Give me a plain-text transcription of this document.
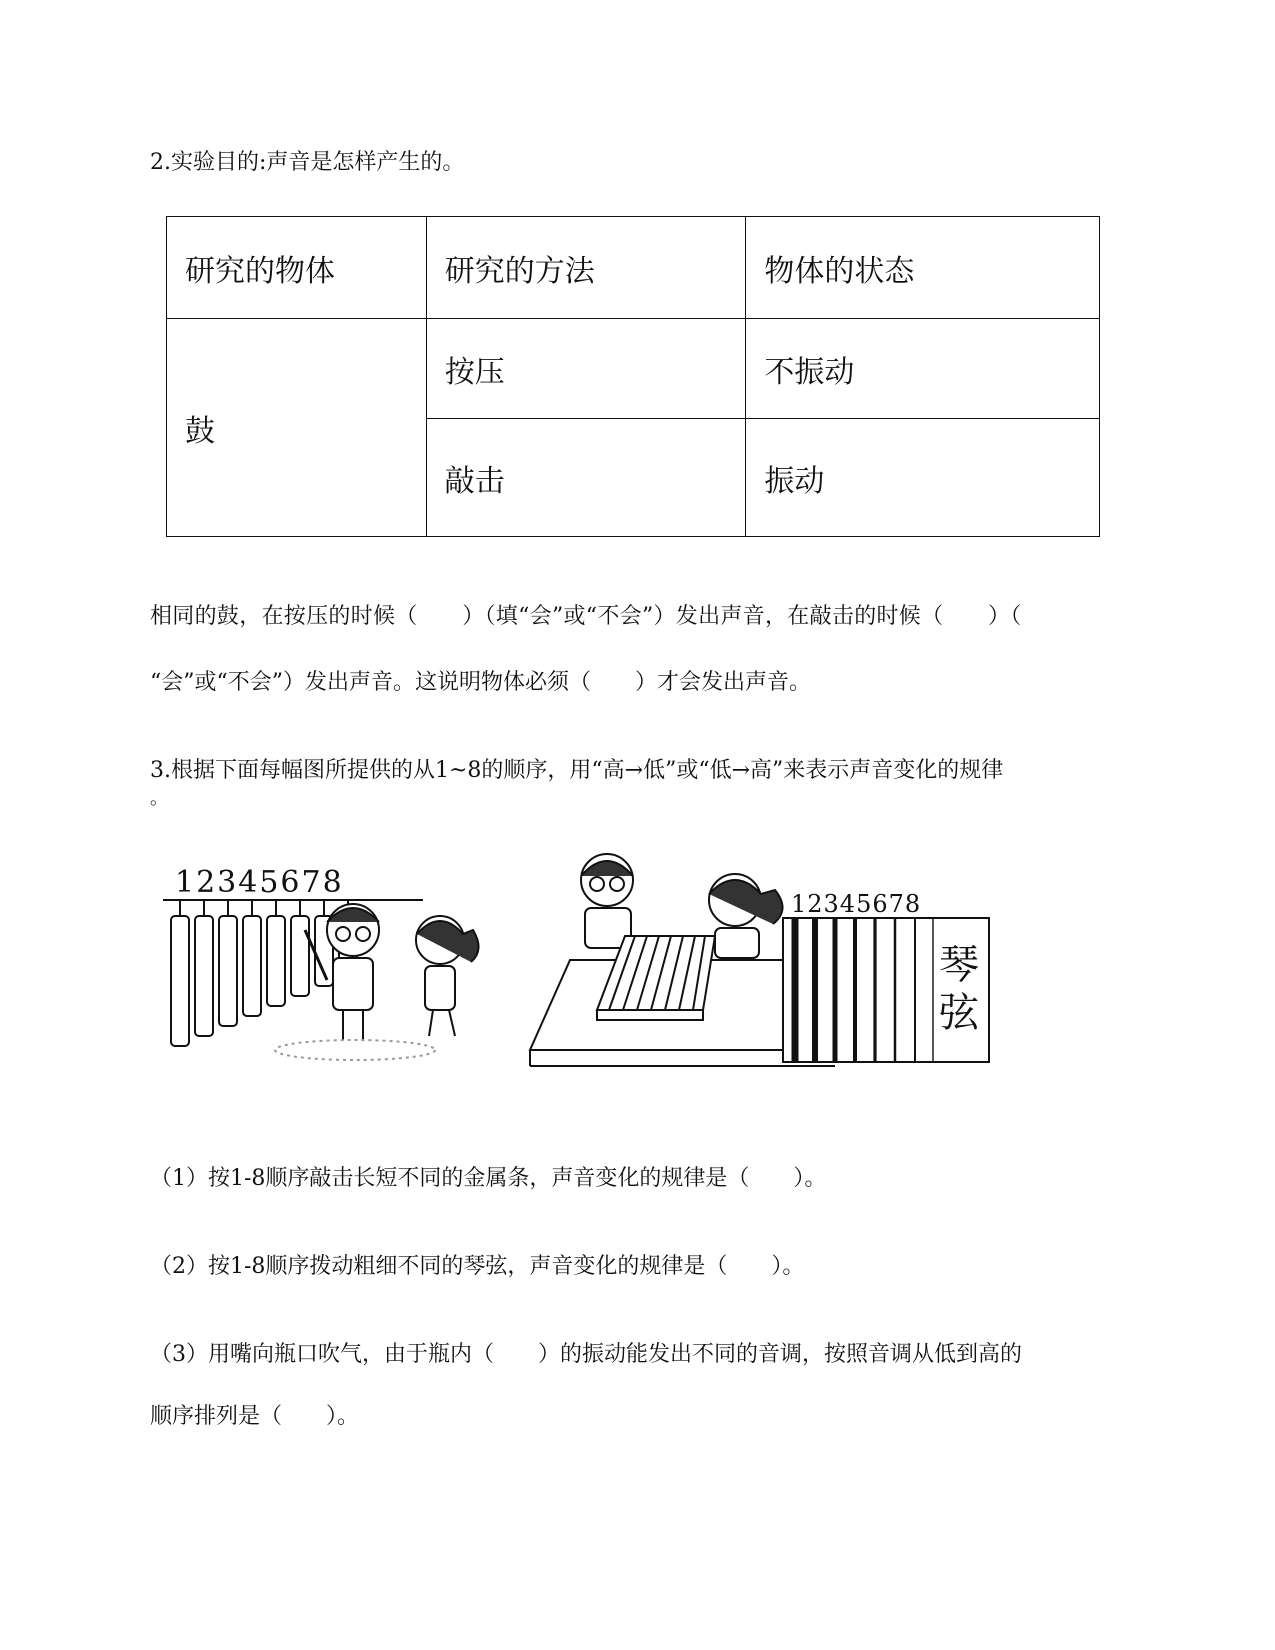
2.实验目的:声音是怎样产生的。
研究的物体	研究的方法	物体的状态
鼓	按压	不振动
	敲击	振动
相同的鼓，在按压的时候（　　）（填“会”或“不会”）发出声音，在敲击的时候（　　）（
“会”或“不会”）发出声音。这说明物体必须（　　）才会发出声音。
3.根据下面每幅图所提供的从1~8的顺序，用“高→低”或“低→高”来表示声音变化的规律
。
12345678
12345678
琴
弦
（1）按1-8顺序敲击长短不同的金属条，声音变化的规律是（　　）。
（2）按1-8顺序拨动粗细不同的琴弦，声音变化的规律是（　　）。
（3）用嘴向瓶口吹气，由于瓶内（　　）的振动能发出不同的音调，按照音调从低到高的
顺序排列是（　　）。
